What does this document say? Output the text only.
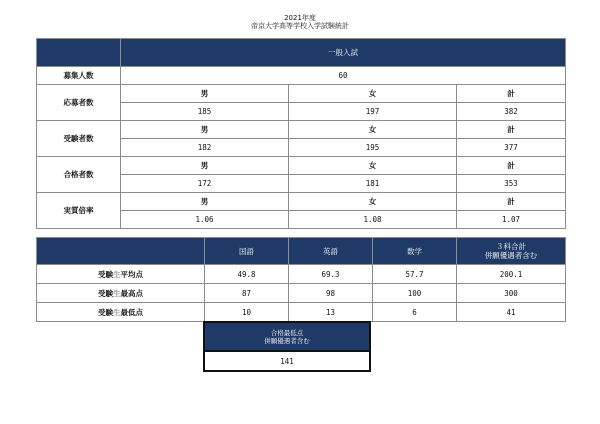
2021年度
帝京大学高等学校入学試験統計
	一般入試		
募集人数	60		
応募者数	男	女	計
	185	197	382
受験者数	男	女	計
	182	195	377
合格者数	男	女	計
	172	181	353
実質倍率	男	女	計
	1.06	1.08	1.07
	国語	英語	数学	３科合計
併願優遇者含む

受験生平均点	49.8	69.3	57.7	200.1
受験生最高点	87	98	100	300
受験生最低点	10	13	6	41
合格最低点
併願優遇者含む

141
